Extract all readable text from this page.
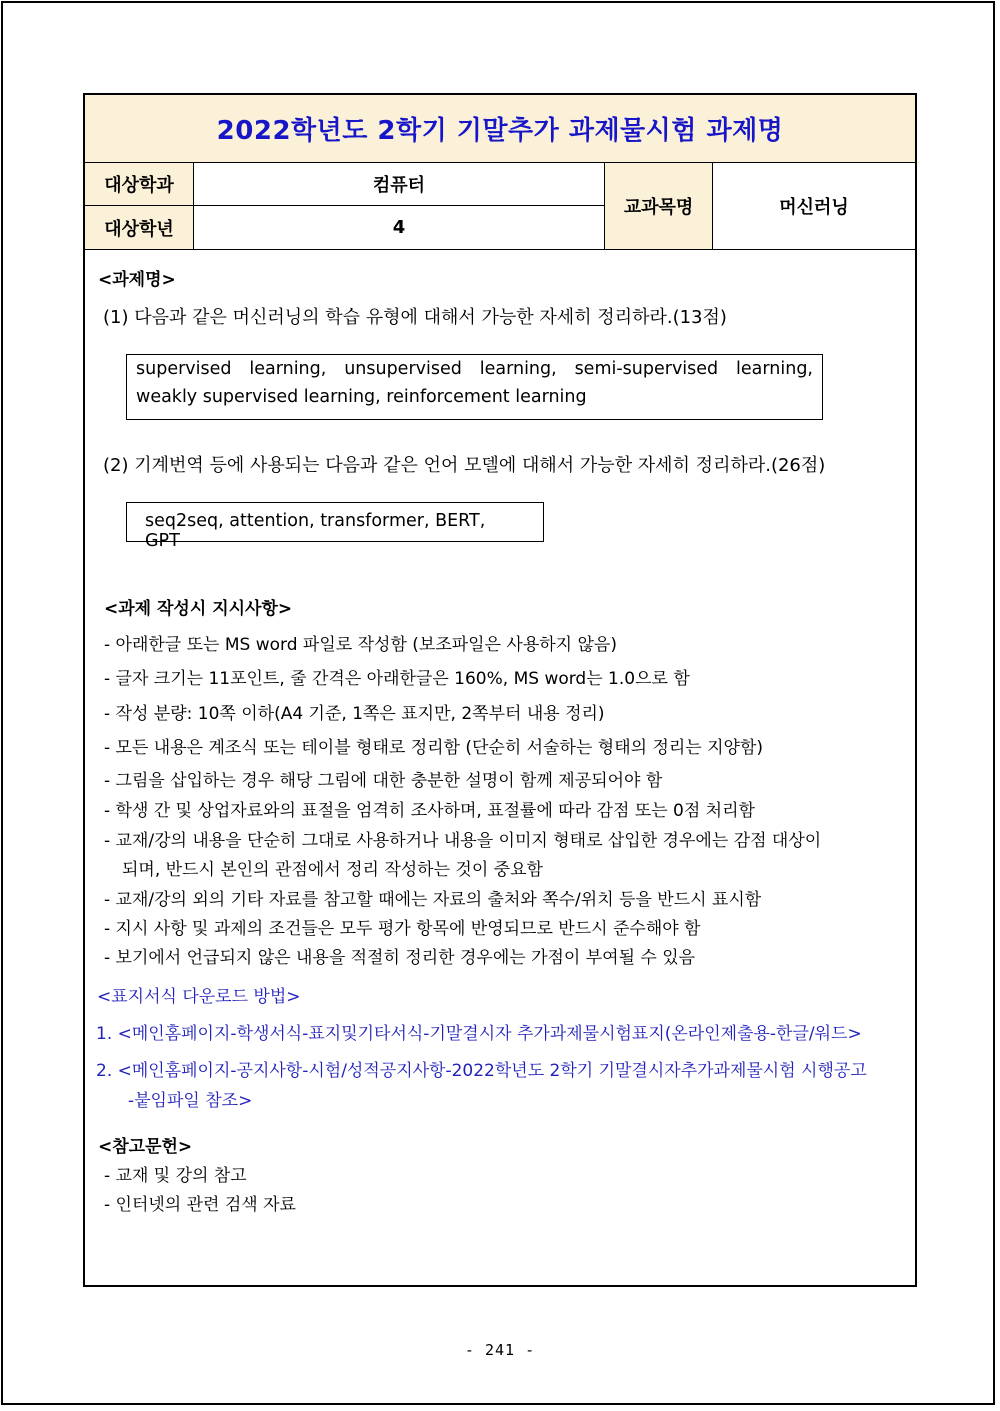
2022학년도 2학기 기말추가 과제물시험 과제명
대상학과	컴퓨터
대상학년	4
교과목명	머신러닝
<과제명>
(1) 다음과 같은 머신러닝의 학습 유형에 대해서 가능한 자세히 정리하라.(13점)
supervised learning, unsupervised learning, semi-supervised learning,
weakly supervised learning, reinforcement learning
(2) 기계번역 등에 사용되는 다음과 같은 언어 모델에 대해서 가능한 자세히 정리하라.(26점)
seq2seq, attention, transformer, BERT, GPT
<과제 작성시 지시사항>
- 아래한글 또는 MS word 파일로 작성함 (보조파일은 사용하지 않음)
- 글자 크기는 11포인트, 줄 간격은 아래한글은 160%, MS word는 1.0으로 함
- 작성 분량: 10쪽 이하(A4 기준, 1쪽은 표지만, 2쪽부터 내용 정리)
- 모든 내용은 계조식 또는 테이블 형태로 정리함 (단순히 서술하는 형태의 정리는 지양함)
- 그림을 삽입하는 경우 해당 그림에 대한 충분한 설명이 함께 제공되어야 함
- 학생 간 및 상업자료와의 표절을 엄격히 조사하며, 표절률에 따라 감점 또는 0점 처리함
- 교재/강의 내용을 단순히 그대로 사용하거나 내용을 이미지 형태로 삽입한 경우에는 감점 대상이
되며, 반드시 본인의 관점에서 정리 작성하는 것이 중요함
- 교재/강의 외의 기타 자료를 참고할 때에는 자료의 출처와 쪽수/위치 등을 반드시 표시함
- 지시 사항 및 과제의 조건들은 모두 평가 항목에 반영되므로 반드시 준수해야 함
- 보기에서 언급되지 않은 내용을 적절히 정리한 경우에는 가점이 부여될 수 있음
<표지서식 다운로드 방법>
1. <메인홈페이지-학생서식-표지및기타서식-기말결시자 추가과제물시험표지(온라인제출용-한글/워드>
2. <메인홈페이지-공지사항-시험/성적공지사항-2022학년도 2학기 기말결시자추가과제물시험 시행공고
-붙임파일 참조>
<참고문헌>
- 교재 및 강의 참고
- 인터넷의 관련 검색 자료
- 241 -
